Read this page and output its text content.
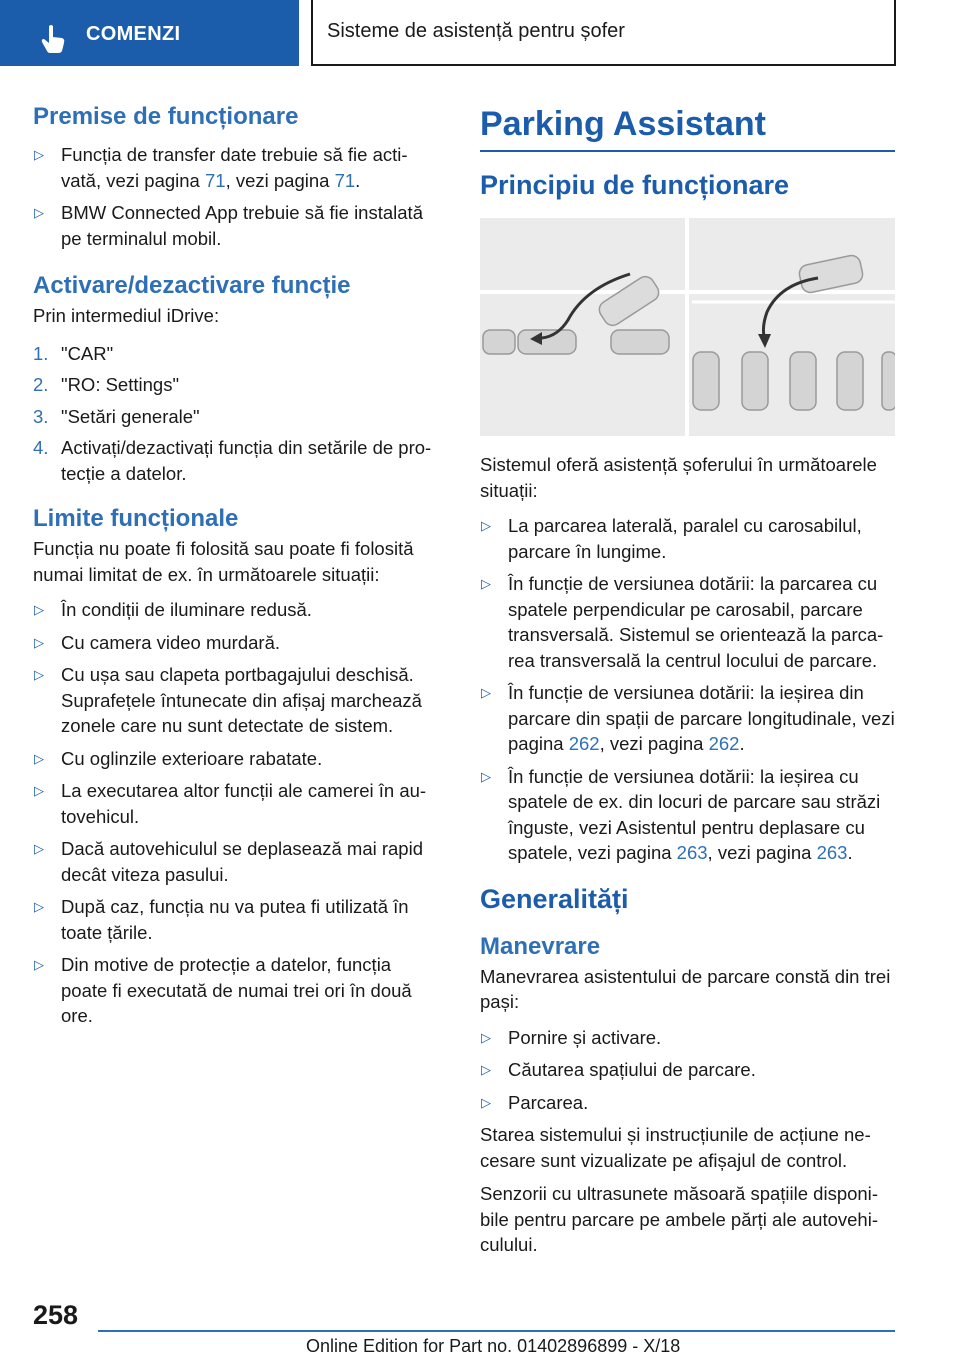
COMENZI	Sisteme de asistență pentru șofer
Premise de funcționare
▷ Funcția de transfer date trebuie să fie activată, vezi pagina 71, vezi pagina 71.
▷ BMW Connected App trebuie să fie instalată pe terminalul mobil.
Activare/dezactivare funcție
Prin intermediul iDrive:
1. "CAR"
2. "RO: Settings"
3. "Setări generale"
4. Activați/dezactivați funcția din setările de protecție a datelor.
Limite funcționale
Funcția nu poate fi folosită sau poate fi folosită numai limitat de ex. în următoarele situații:
▷ În condiții de iluminare redusă.
▷ Cu camera video murdară.
▷ Cu ușa sau clapeta portbagajului deschisă. Suprafețele întunecate din afișaj marchează zonele care nu sunt detectate de sistem.
▷ Cu oglinzile exterioare rabatate.
▷ La executarea altor funcții ale camerei în autovehicul.
▷ Dacă autovehiculul se deplasează mai rapid decât viteza pasului.
▷ După caz, funcția nu va putea fi utilizată în toate țările.
▷ Din motive de protecție a datelor, funcția poate fi executată de numai trei ori în două ore.
Parking Assistant
Principiu de funcționare
Sistemul oferă asistență șoferului în următoarele situații:
▷ La parcarea laterală, paralel cu carosabilul, parcare în lungime.
▷ În funcție de versiunea dotării: la parcarea cu spatele perpendicular pe carosabil, parcare transversală. Sistemul se orientează la parcarea transversală la centrul locului de parcare.
▷ În funcție de versiunea dotării: la ieșirea din parcare din spații de parcare longitudinale, vezi pagina 262, vezi pagina 262.
▷ În funcție de versiunea dotării: la ieșirea cu spatele de ex. din locuri de parcare sau străzi înguste, vezi Asistentul pentru deplasare cu spatele, vezi pagina 263, vezi pagina 263.
Generalități
Manevrare
Manevrarea asistentului de parcare constă din trei pași:
▷ Pornire și activare.
▷ Căutarea spațiului de parcare.
▷ Parcarea.
Starea sistemului și instrucțiunile de acțiune necesare sunt vizualizate pe afișajul de control.
Senzorii cu ultrasunete măsoară spațiile disponibile pentru parcare pe ambele părți ale autovehiculului.
258
Online Edition for Part no. 01402896899 - X/18
